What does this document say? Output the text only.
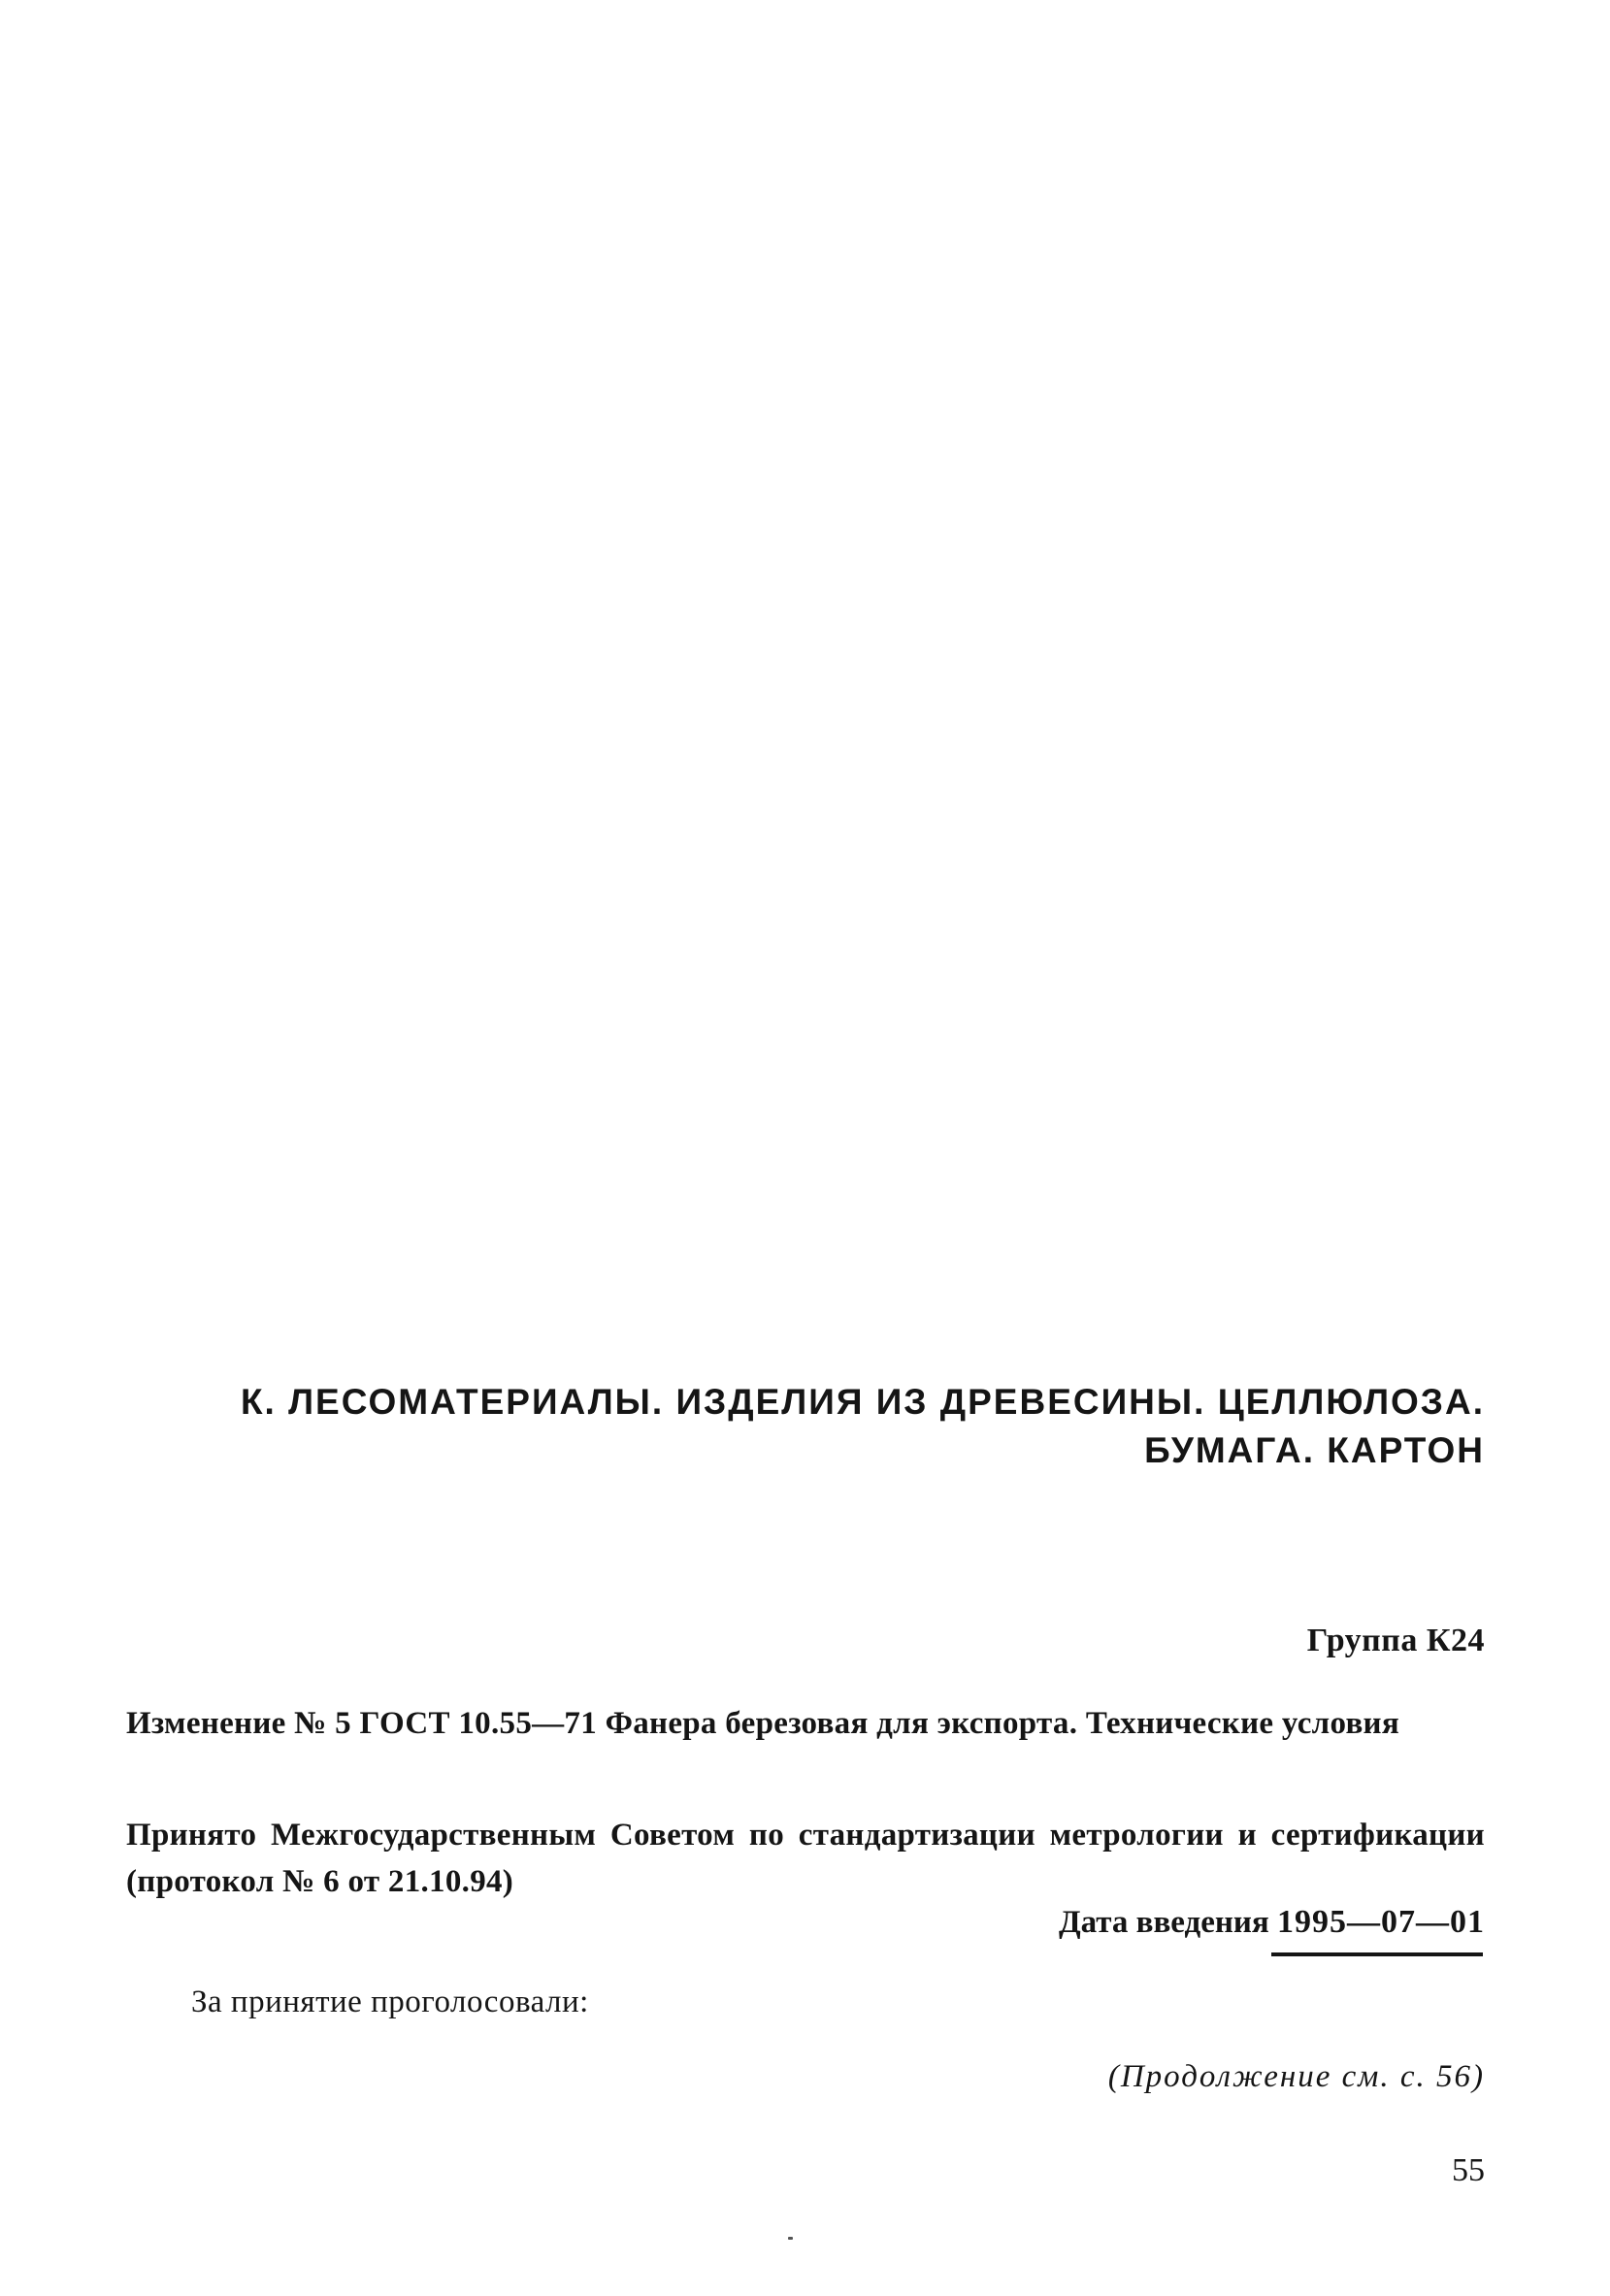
К. ЛЕСОМАТЕРИАЛЫ. ИЗДЕЛИЯ ИЗ ДРЕВЕСИНЫ. ЦЕЛЛЮЛОЗА.
БУМАГА. КАРТОН
Группа К24
Изменение № 5 ГОСТ 10.55—71 Фанера березовая для экспорта. Технические условия
Принято Межгосударственным Советом по стандартизации метрологии и сертификации (протокол № 6 от 21.10.94)
Дата введения 1995—07—01
За принятие проголосовали:
(Продолжение см. с. 56)
55
